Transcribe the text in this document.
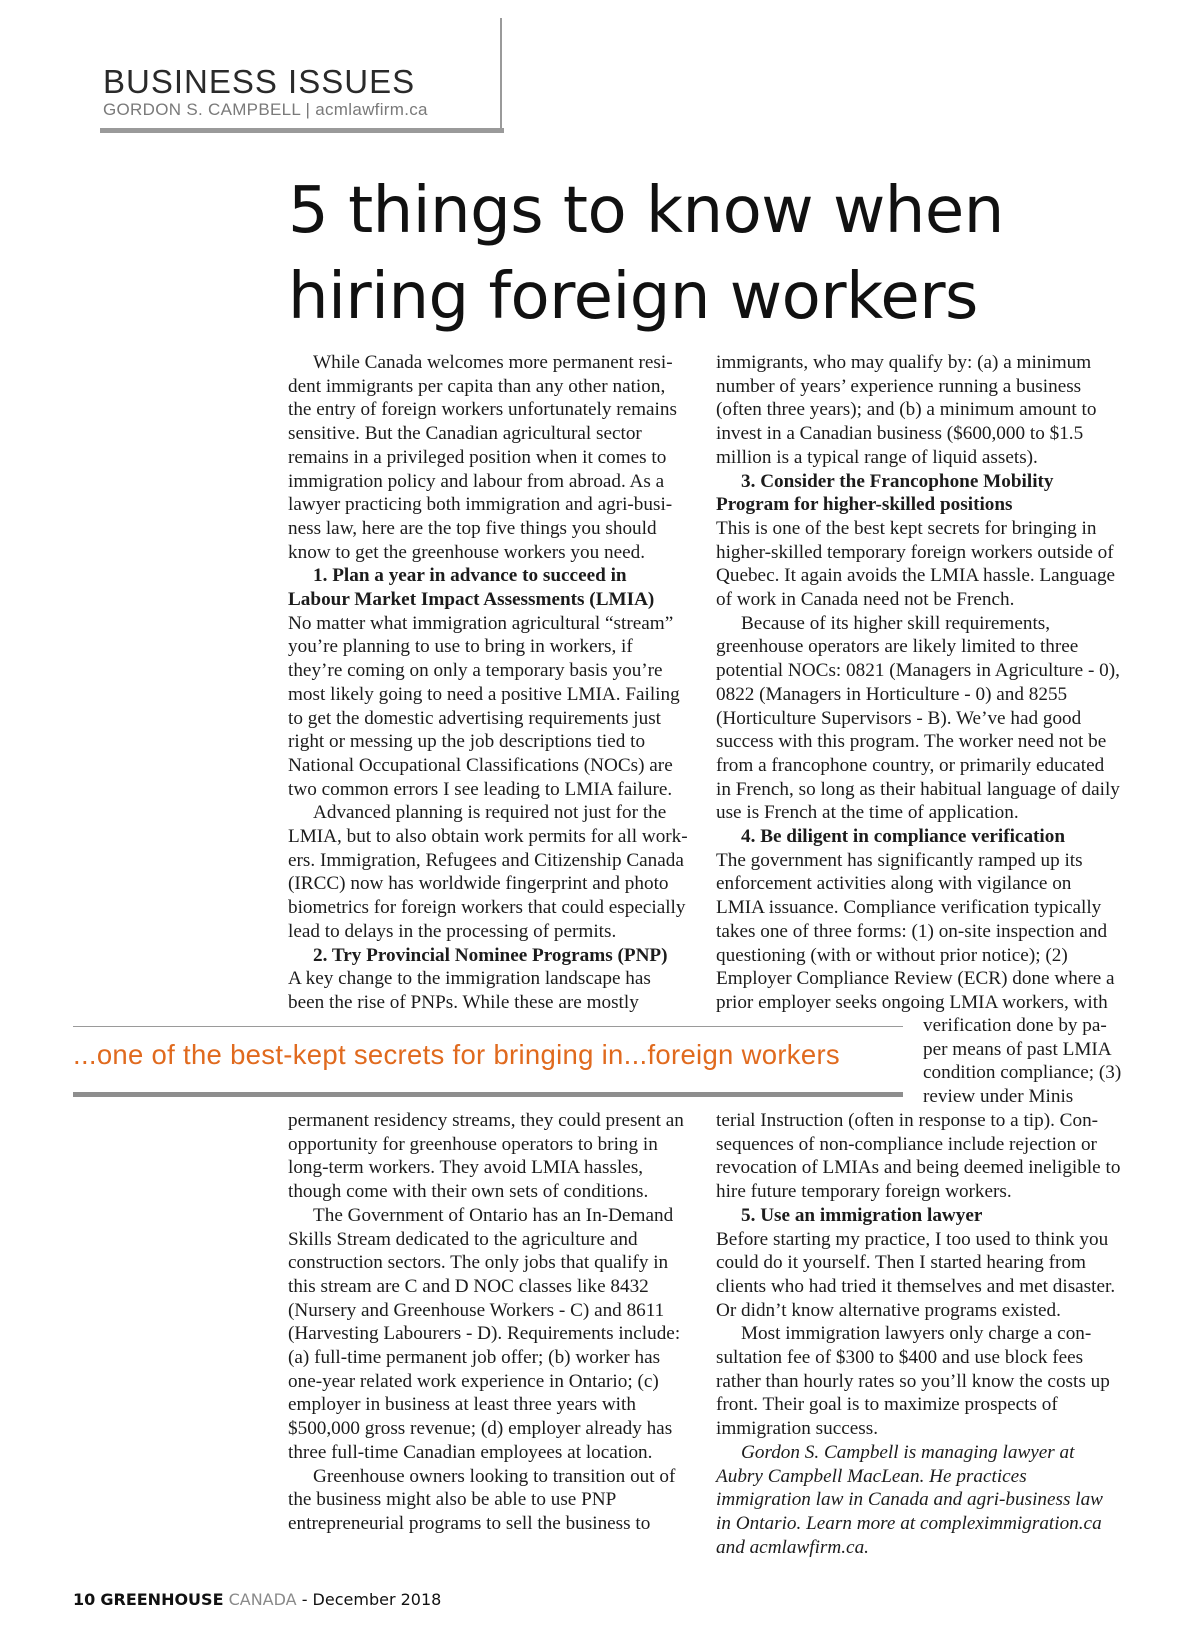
BUSINESS ISSUES
GORDON S. CAMPBELL | acmlawfirm.ca
5 things to know when
hiring foreign workers

While Canada welcomes more permanent resident immigrants per capita than any other nation, the entry of foreign workers unfortunately remains sensitive. But the Canadian agricultural sector remains in a privileged position when it comes to immigration policy and labour from abroad. As a lawyer practicing both immigration and agri-business law, here are the top five things you should know to get the greenhouse workers you need.

1. Plan a year in advance to succeed in Labour Market Impact Assessments (LMIA)

No matter what immigration agricultural “stream” you’re planning to use to bring in workers, if they’re coming on only a temporary basis you’re most likely going to need a positive LMIA. Failing to get the domestic advertising requirements just right or messing up the job descriptions tied to National Occupational Classifications (NOCs) are two common errors I see leading to LMIA failure.

Advanced planning is required not just for the LMIA, but to also obtain work permits for all workers. Immigration, Refugees and Citizenship Canada (IRCC) now has worldwide fingerprint and photo biometrics for foreign workers that could especially lead to delays in the processing of permits.

2. Try Provincial Nominee Programs (PNP)

A key change to the immigration landscape has been the rise of PNPs. While these are mostly

...one of the best-kept secrets for bringing in...foreign workers

permanent residency streams, they could present an opportunity for greenhouse operators to bring in long-term workers. They avoid LMIA hassles, though come with their own sets of conditions.

The Government of Ontario has an In-Demand Skills Stream dedicated to the agriculture and construction sectors. The only jobs that qualify in this stream are C and D NOC classes like 8432 (Nursery and Greenhouse Workers - C) and 8611 (Harvesting Labourers - D). Requirements include: (a) full-time permanent job offer; (b) worker has one-year related work experience in Ontario; (c) employer in business at least three years with $500,000 gross revenue; (d) employer already has three full-time Canadian employees at location.

Greenhouse owners looking to transition out of the business might also be able to use PNP entrepreneurial programs to sell the business to

immigrants, who may qualify by: (a) a minimum number of years’ experience running a business (often three years); and (b) a minimum amount to invest in a Canadian business ($600,000 to $1.5 million is a typical range of liquid assets).

3. Consider the Francophone Mobility Program for higher-skilled positions

This is one of the best kept secrets for bringing in higher-skilled temporary foreign workers outside of Quebec. It again avoids the LMIA hassle. Language of work in Canada need not be French.

Because of its higher skill requirements, greenhouse operators are likely limited to three potential NOCs: 0821 (Managers in Agriculture - 0), 0822 (Managers in Horticulture - 0) and 8255 (Horticulture Supervisors - B). We’ve had good success with this program. The worker need not be from a francophone country, or primarily educated in French, so long as their habitual language of daily use is French at the time of application.

4. Be diligent in compliance verification

The government has significantly ramped up its enforcement activities along with vigilance on LMIA issuance. Compliance verification typically takes one of three forms: (1) on-site inspection and questioning (with or without prior notice); (2) Employer Compliance Review (ECR) done where a prior employer seeks ongoing LMIA workers, with

verification done by paper means of past LMIA condition compliance; (3) review under Minis

terial Instruction (often in response to a tip). Consequences of non-compliance include rejection or revocation of LMIAs and being deemed ineligible to hire future temporary foreign workers.

5. Use an immigration lawyer

Before starting my practice, I too used to think you could do it yourself. Then I started hearing from clients who had tried it themselves and met disaster. Or didn’t know alternative programs existed.

Most immigration lawyers only charge a consultation fee of $300 to $400 and use block fees rather than hourly rates so you’ll know the costs up front. Their goal is to maximize prospects of immigration success.

Gordon S. Campbell is managing lawyer at Aubry Campbell MacLean. He practices immigration law in Canada and agri-business law in Ontario. Learn more at compleximmigration.ca and acmlawfirm.ca.

10 GREENHOUSE CANADA - December 2018
